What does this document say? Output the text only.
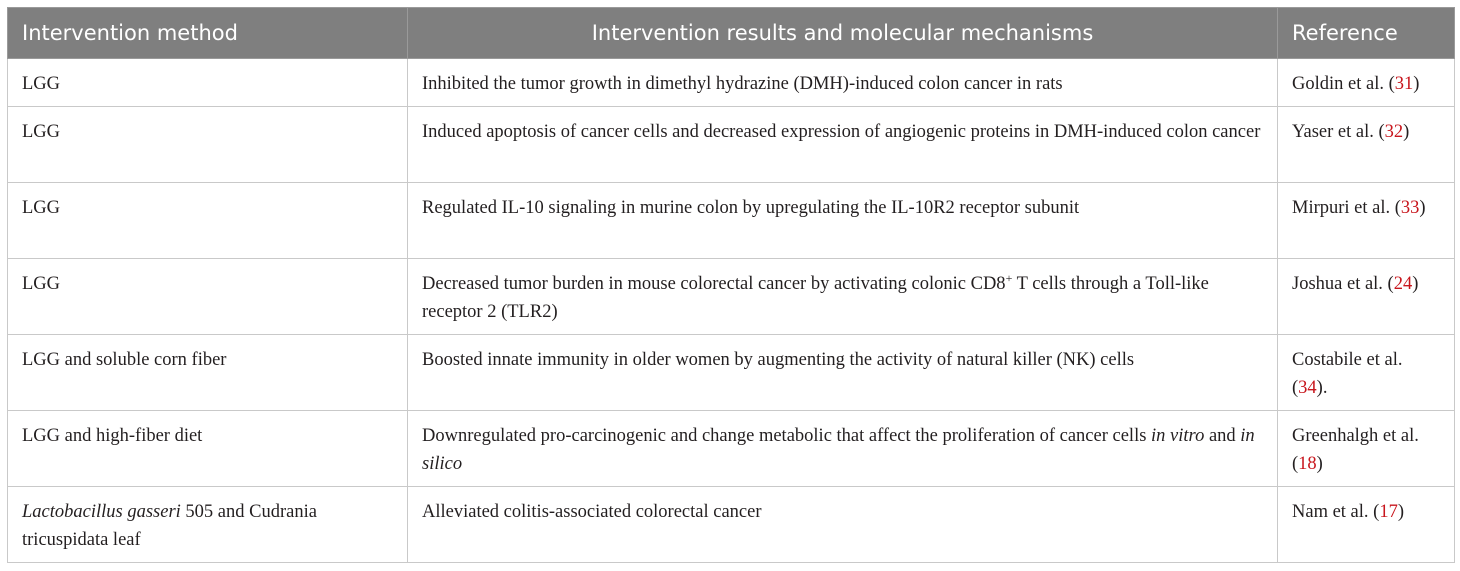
Intervention method	Intervention results and molecular mechanisms	Reference
LGG	Inhibited the tumor growth in dimethyl hydrazine (DMH)-induced colon cancer in rats	Goldin et al. (31)
LGG	Induced apoptosis of cancer cells and decreased expression of angiogenic proteins in DMH-induced colon cancer	Yaser et al. (32)
LGG	Regulated IL-10 signaling in murine colon by upregulating the IL-10R2 receptor subunit	Mirpuri et al. (33)
LGG	Decreased tumor burden in mouse colorectal cancer by activating colonic CD8+ T cells through a Toll-like receptor 2 (TLR2)	Joshua et al. (24)
LGG and soluble corn fiber	Boosted innate immunity in older women by augmenting the activity of natural killer (NK) cells	Costabile et al. (34).
LGG and high-fiber diet	Downregulated pro-carcinogenic and change metabolic that affect the proliferation of cancer cells in vitro and in silico	Greenhalgh et al. (18)
Lactobacillus gasseri 505 and Cudrania tricuspidata leaf	Alleviated colitis-associated colorectal cancer	Nam et al. (17)
